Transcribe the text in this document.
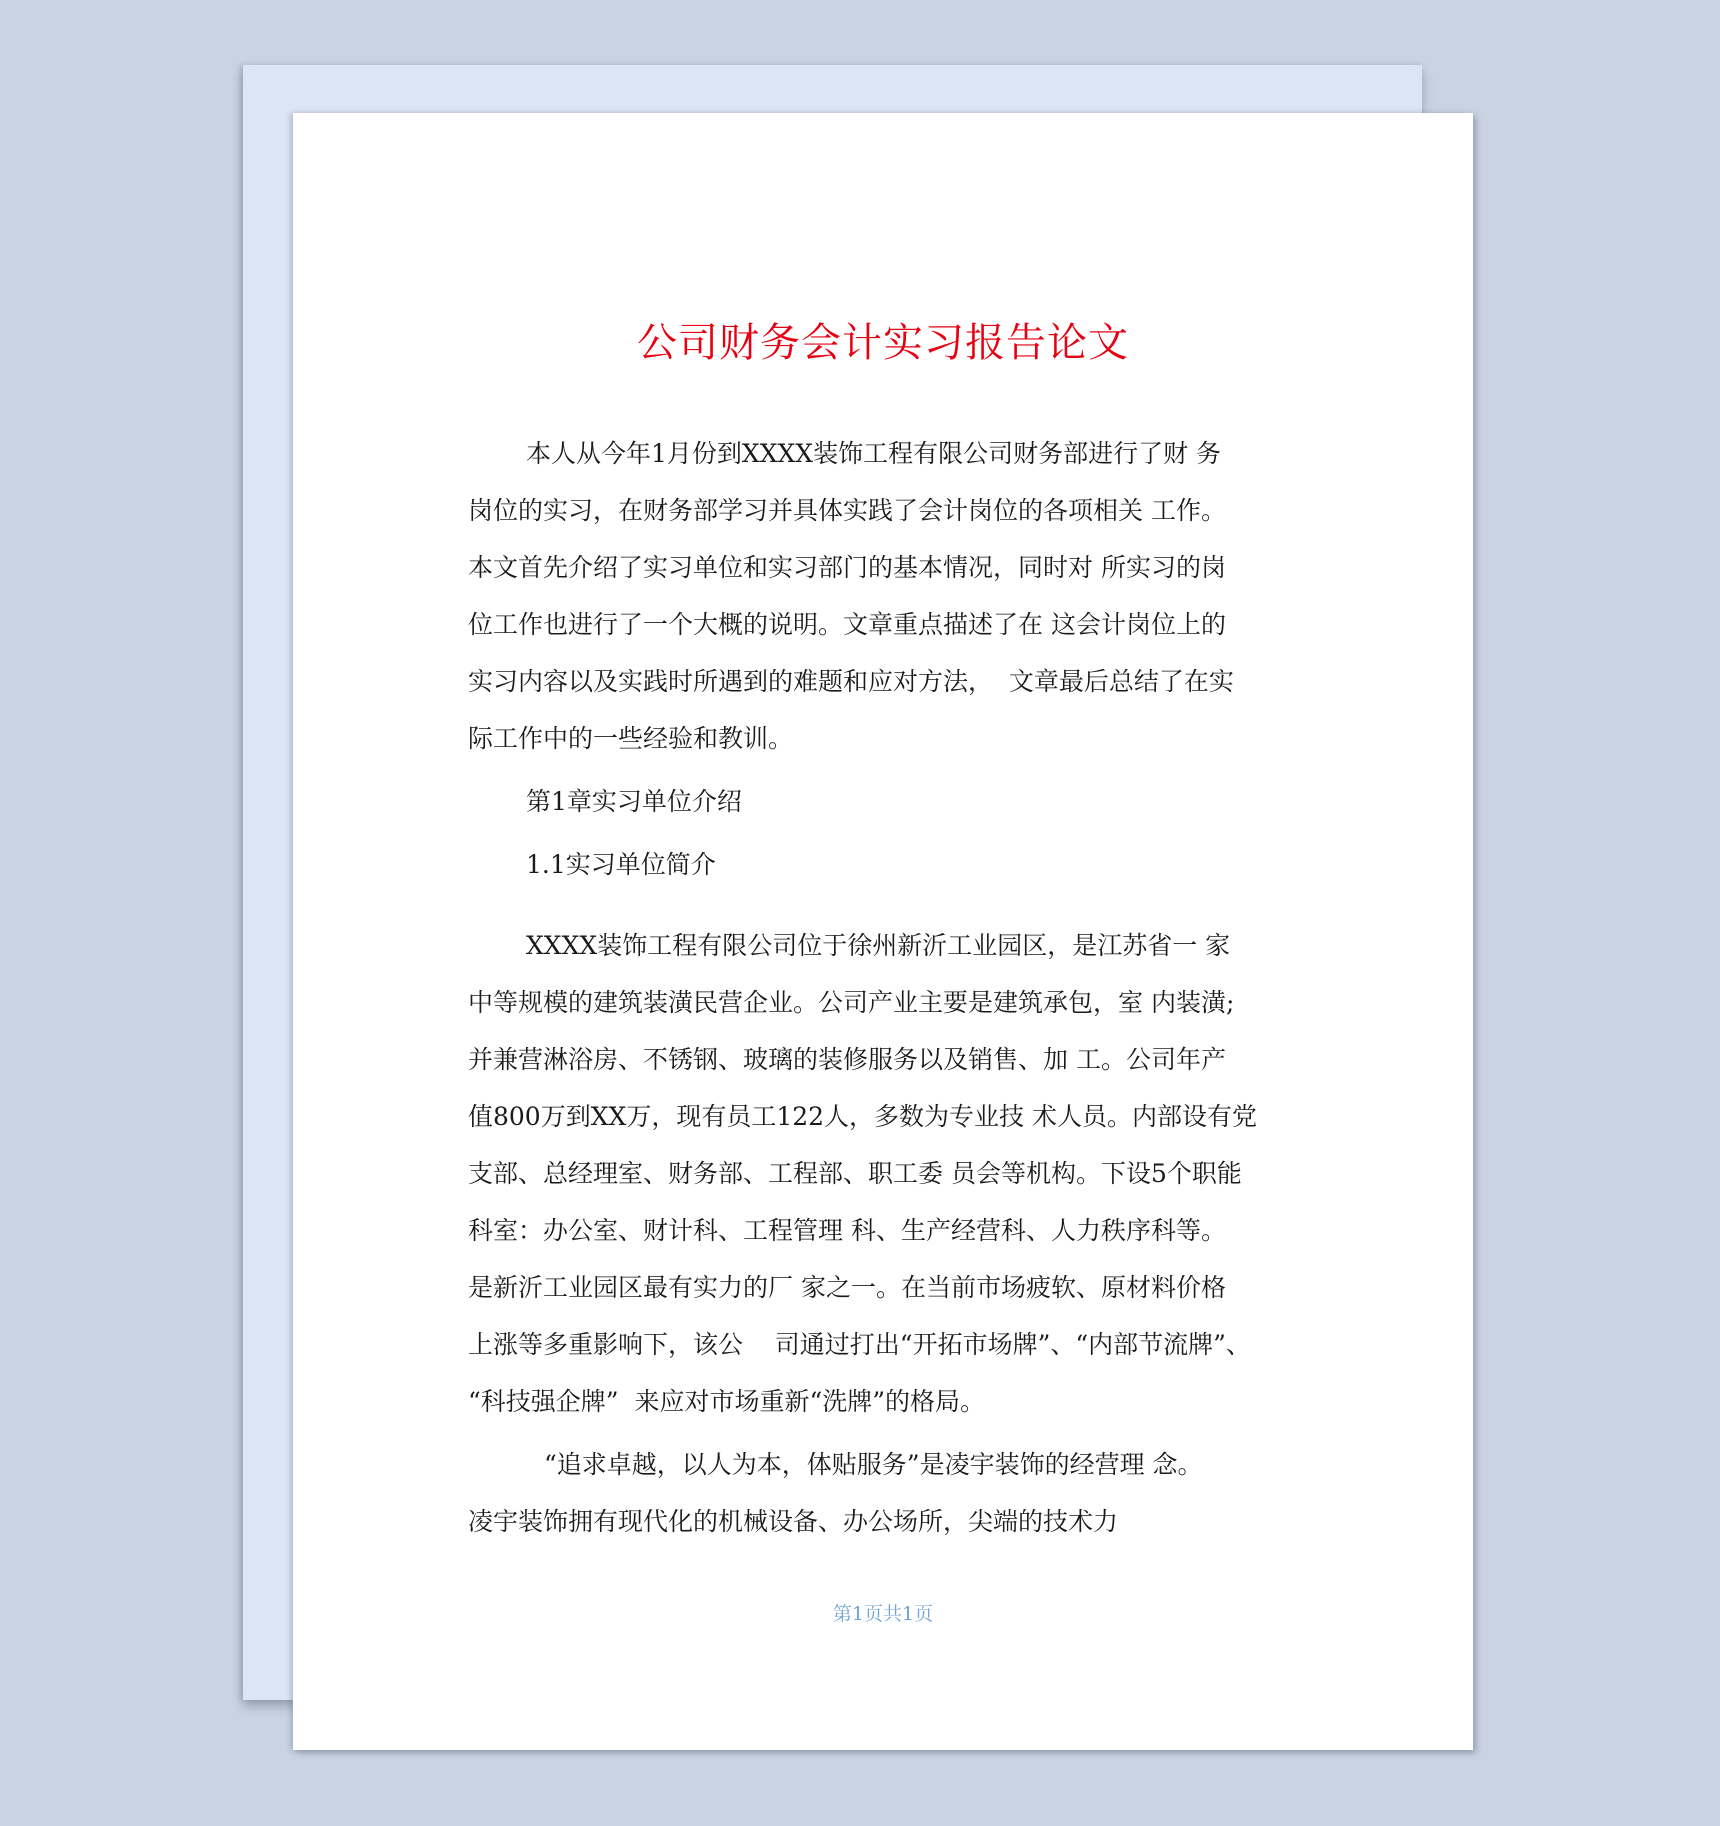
公司财务会计实习报告论文
本人从今年1月份到XXXX装饰工程有限公司财务部进行了财 务
岗位的实习，在财务部学习并具体实践了会计岗位的各项相关 工作。
本文首先介绍了实习单位和实习部门的基本情况，同时对 所实习的岗
位工作也进行了一个大概的说明。文章重点描述了在 这会计岗位上的
实习内容以及实践时所遇到的难题和应对方法，  文章最后总结了在实
际工作中的一些经验和教训。
第1章实习单位介绍
1.1实习单位简介
XXXX装饰工程有限公司位于徐州新沂工业园区，是江苏省一 家
中等规模的建筑装潢民营企业。公司产业主要是建筑承包，室 内装潢;
并兼营淋浴房、不锈钢、玻璃的装修服务以及销售、加 工。公司年产
值800万到XX万，现有员工122人，多数为专业技 术人员。内部设有党
支部、总经理室、财务部、工程部、职工委 员会等机构。下设5个职能
科室：办公室、财计科、工程管理 科、生产经营科、人力秩序科等。
是新沂工业园区最有实力的厂 家之一。在当前市场疲软、原材料价格
上涨等多重影响下，该公    司通过打出“开拓市场牌”、“内部节流牌”、
“科技强企牌”  来应对市场重新“洗牌”的格局。
“追求卓越，以人为本，体贴服务”是凌宇装饰的经营理 念。
凌宇装饰拥有现代化的机械设备、办公场所，尖端的技术力
第1页共1页
